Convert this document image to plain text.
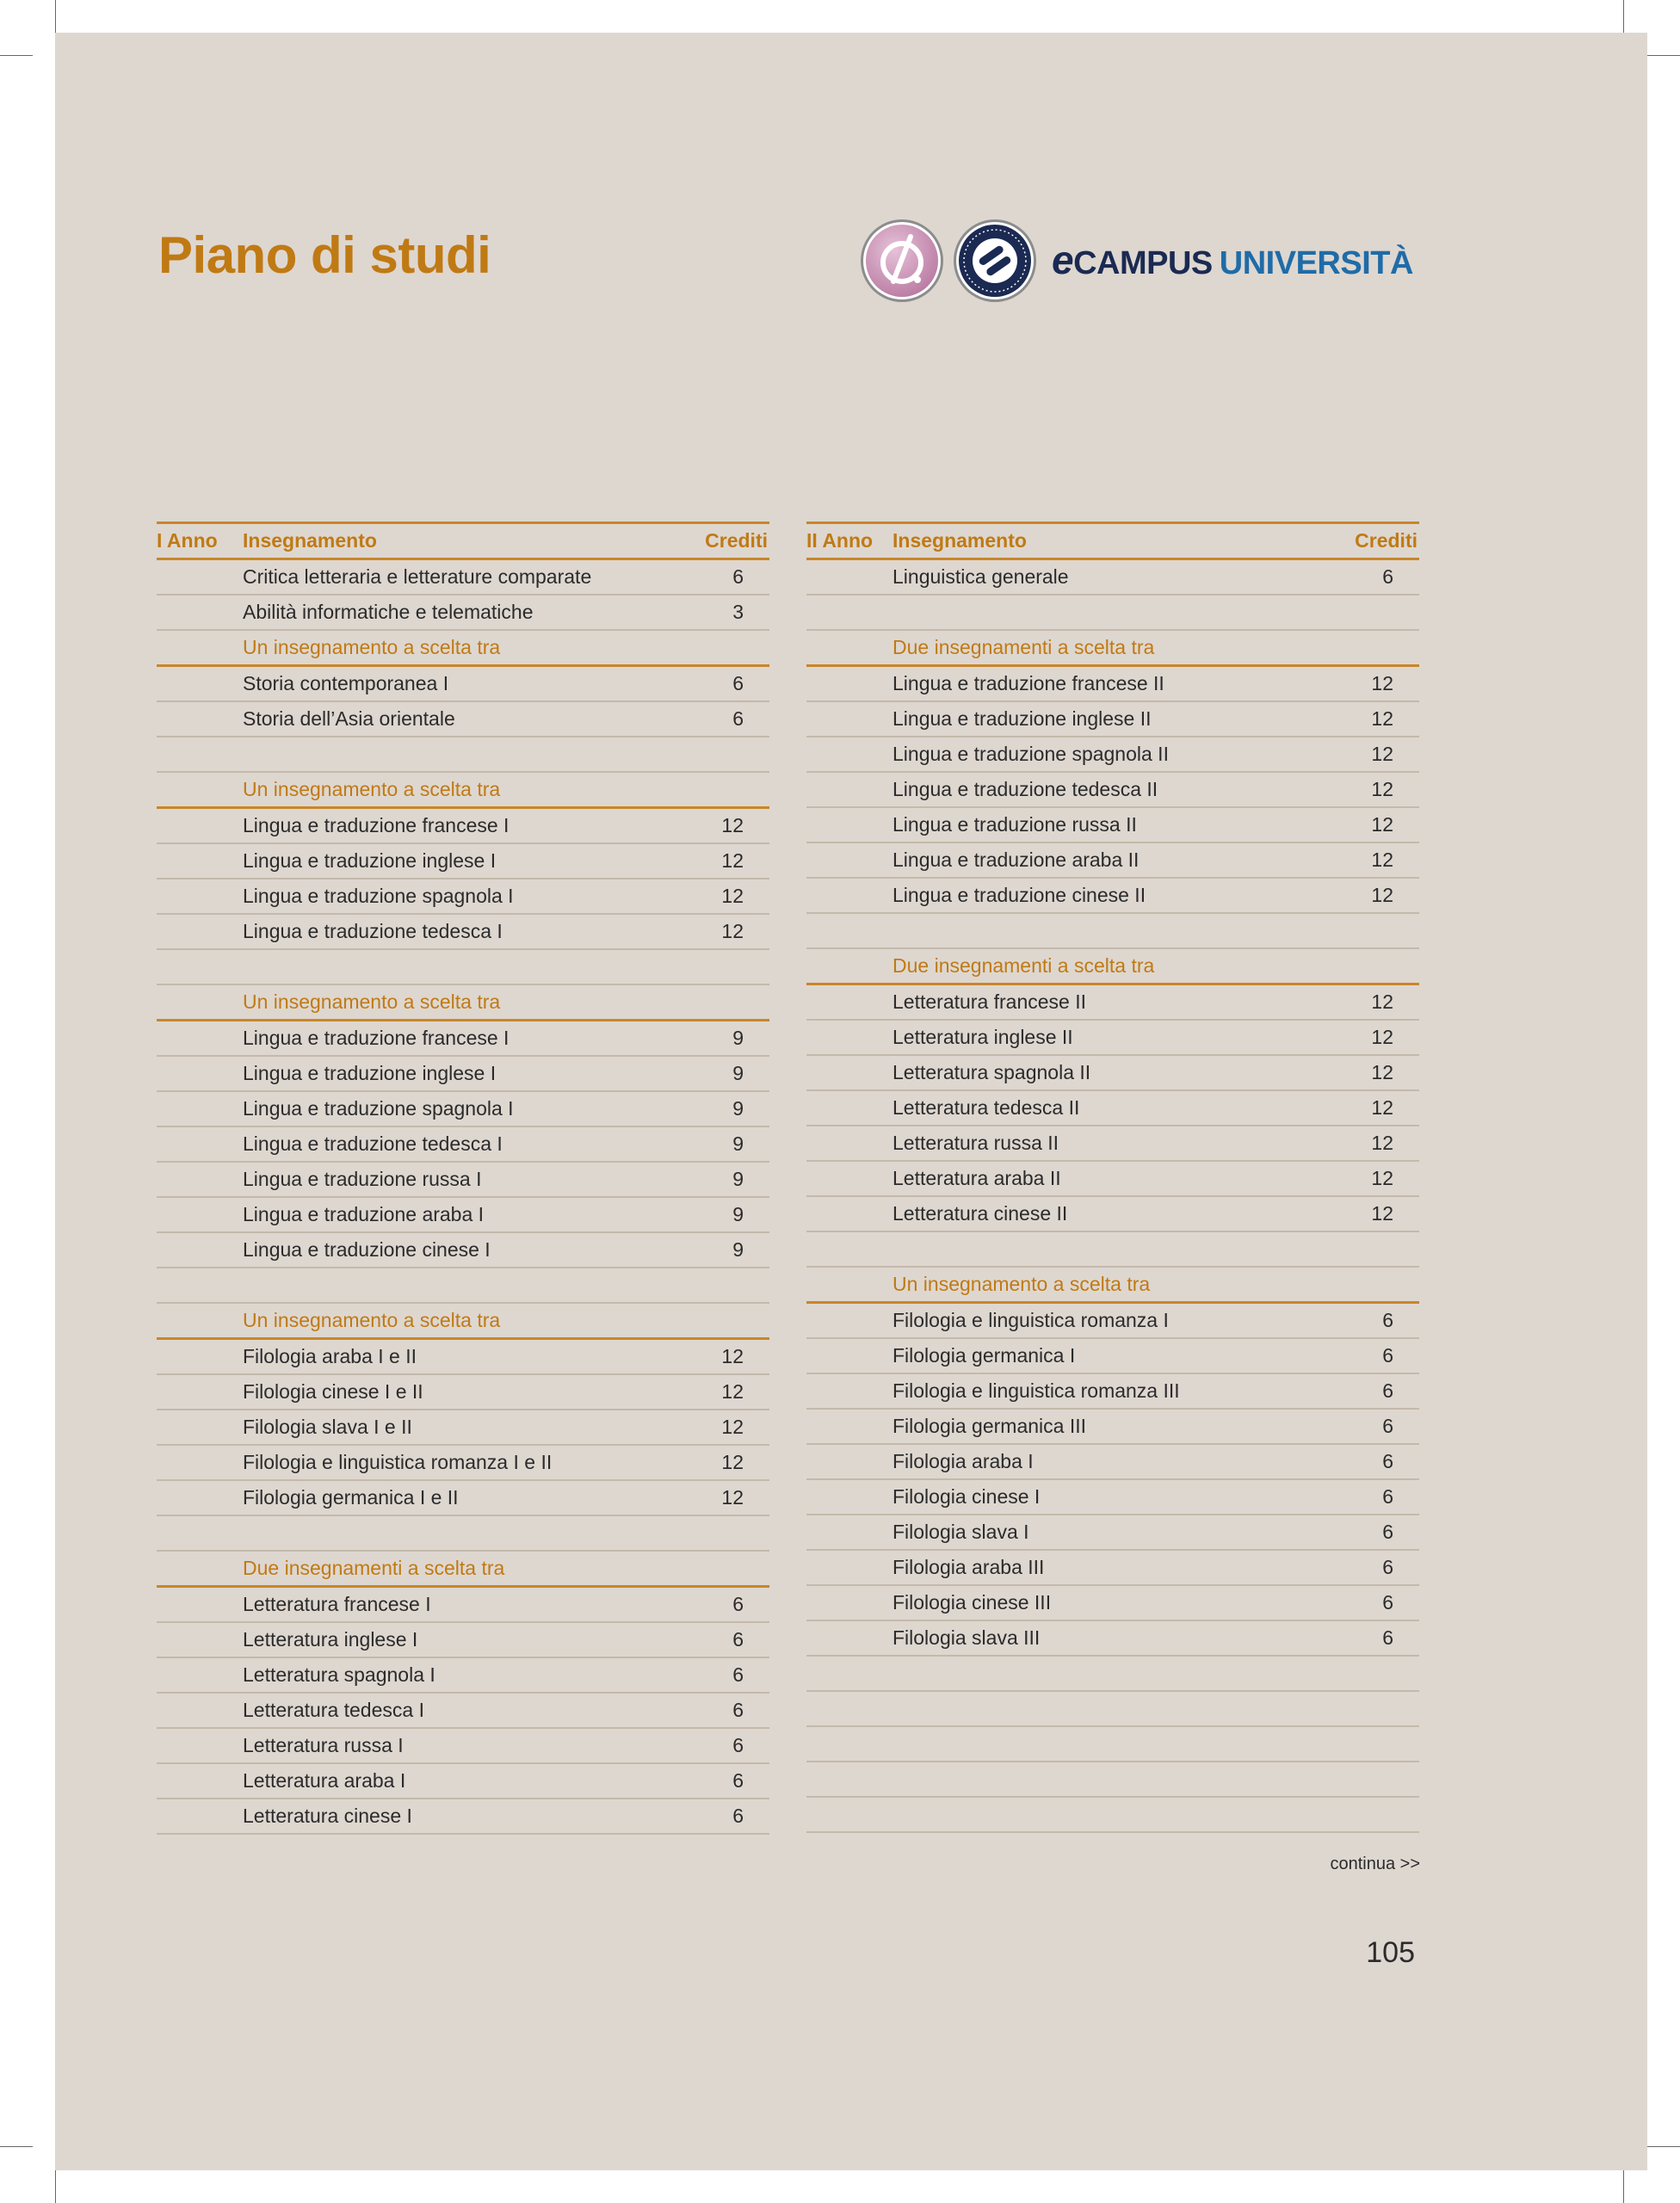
Piano di studi	eCAMPUS UNIVERSITÀ
I Anno	Insegnamento	Crediti
	Critica letteraria e letterature comparate	6
	Abilità informatiche e telematiche	3
	Un insegnamento a scelta tra	
	Storia contemporanea I	6
	Storia dell’Asia orientale	6

	Un insegnamento a scelta tra	
	Lingua e traduzione francese I	12
	Lingua e traduzione inglese I	12
	Lingua e traduzione spagnola I	12
	Lingua e traduzione tedesca I	12

	Un insegnamento a scelta tra	
	Lingua e traduzione francese I	9
	Lingua e traduzione inglese I	9
	Lingua e traduzione spagnola I	9
	Lingua e traduzione tedesca I	9
	Lingua e traduzione russa I	9
	Lingua e traduzione araba I	9
	Lingua e traduzione cinese I	9

	Un insegnamento a scelta tra	
	Filologia araba I e II	12
	Filologia cinese I e II	12
	Filologia slava I e II	12
	Filologia e linguistica romanza I e II	12
	Filologia germanica I e II	12

	Due insegnamenti a scelta tra	
	Letteratura francese I	6
	Letteratura inglese I	6
	Letteratura spagnola I	6
	Letteratura tedesca I	6
	Letteratura russa I	6
	Letteratura araba I	6
	Letteratura cinese I	6
II Anno	Insegnamento	Crediti
	Linguistica generale	6

	Due insegnamenti a scelta tra	
	Lingua e traduzione francese II	12
	Lingua e traduzione inglese II	12
	Lingua e traduzione spagnola II	12
	Lingua e traduzione tedesca II	12
	Lingua e traduzione russa II	12
	Lingua e traduzione araba II	12
	Lingua e traduzione cinese II	12

	Due insegnamenti a scelta tra	
	Letteratura francese II	12
	Letteratura inglese II	12
	Letteratura spagnola II	12
	Letteratura tedesca II	12
	Letteratura russa II	12
	Letteratura araba II	12
	Letteratura cinese II	12

	Un insegnamento a scelta tra	
	Filologia e linguistica romanza I	6
	Filologia germanica I	6
	Filologia e linguistica romanza III	6
	Filologia germanica III	6
	Filologia araba I	6
	Filologia cinese I	6
	Filologia slava I	6
	Filologia araba III	6
	Filologia cinese III	6
	Filologia slava III	6

continua >>
105
